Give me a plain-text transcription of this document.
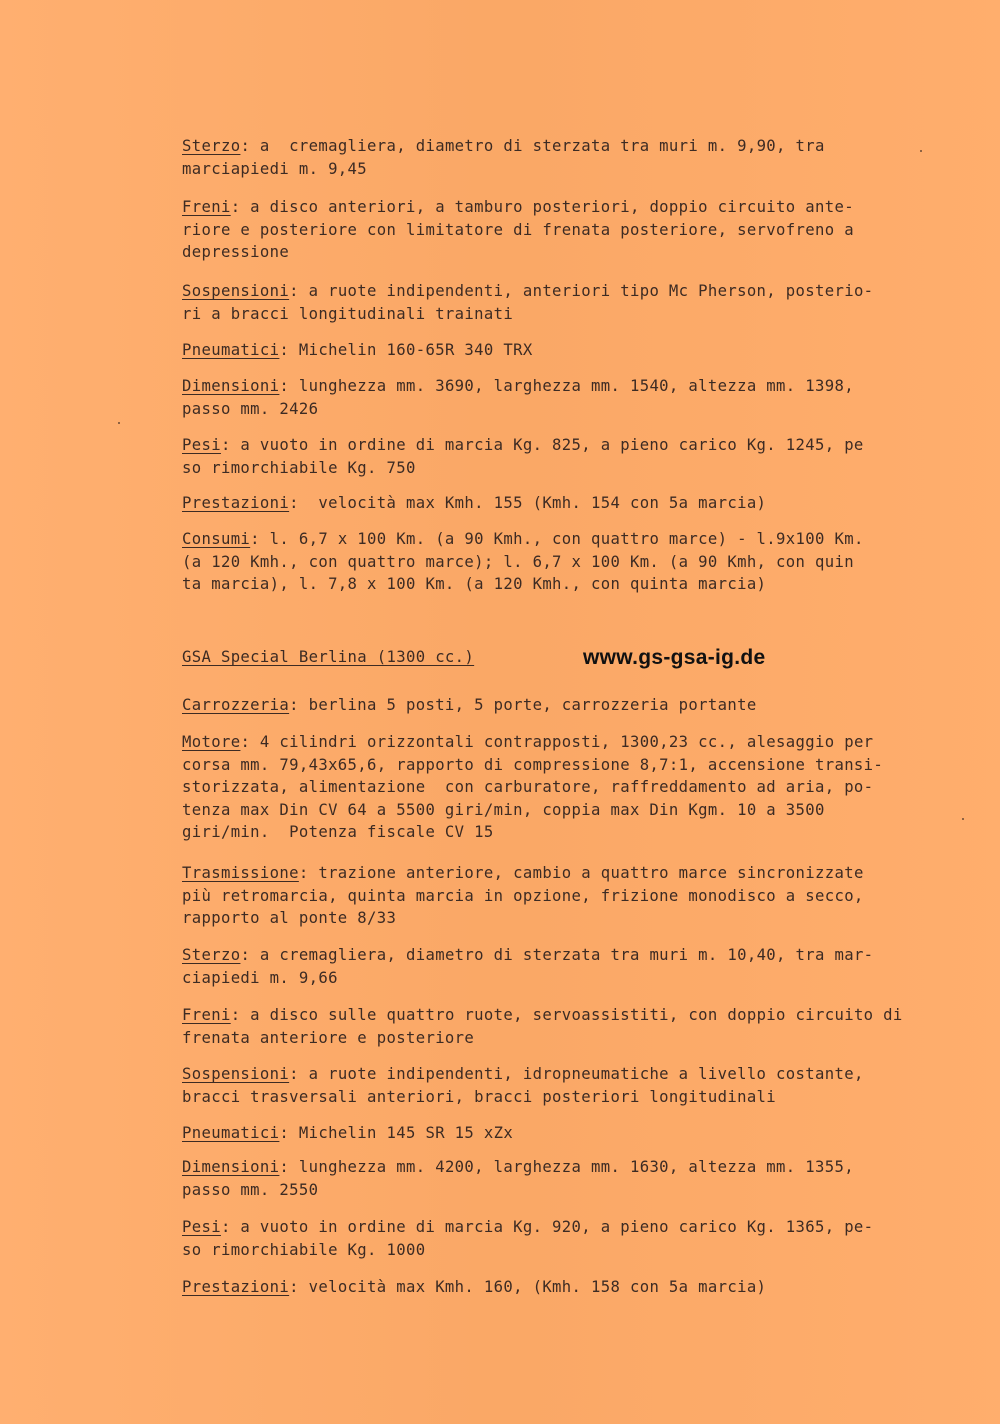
Sterzo: a  cremagliera, diametro di sterzata tra muri m. 9,90, tra
marciapiedi m. 9,45
Freni: a disco anteriori, a tamburo posteriori, doppio circuito ante-
riore e posteriore con limitatore di frenata posteriore, servofreno a
depressione
Sospensioni: a ruote indipendenti, anteriori tipo Mc Pherson, posterio-
ri a bracci longitudinali trainati
Pneumatici: Michelin 160-65R 340 TRX
Dimensioni: lunghezza mm. 3690, larghezza mm. 1540, altezza mm. 1398,
passo mm. 2426
Pesi: a vuoto in ordine di marcia Kg. 825, a pieno carico Kg. 1245, pe
so rimorchiabile Kg. 750
Prestazioni:  velocità max Kmh. 155 (Kmh. 154 con 5a marcia)
Consumi: l. 6,7 x 100 Km. (a 90 Kmh., con quattro marce) - l.9x100 Km.
(a 120 Kmh., con quattro marce); l. 6,7 x 100 Km. (a 90 Kmh, con quin
ta marcia), l. 7,8 x 100 Km. (a 120 Kmh., con quinta marcia)
GSA Special Berlina (1300 cc.)	www.gs-gsa-ig.de
Carrozzeria: berlina 5 posti, 5 porte, carrozzeria portante
Motore: 4 cilindri orizzontali contrapposti, 1300,23 cc., alesaggio per
corsa mm. 79,43x65,6, rapporto di compressione 8,7:1, accensione transi-
storizzata, alimentazione  con carburatore, raffreddamento ad aria, po-
tenza max Din CV 64 a 5500 giri/min, coppia max Din Kgm. 10 a 3500
giri/min.  Potenza fiscale CV 15
Trasmissione: trazione anteriore, cambio a quattro marce sincronizzate
più retromarcia, quinta marcia in opzione, frizione monodisco a secco,
rapporto al ponte 8/33
Sterzo: a cremagliera, diametro di sterzata tra muri m. 10,40, tra mar-
ciapiedi m. 9,66
Freni: a disco sulle quattro ruote, servoassistiti, con doppio circuito di
frenata anteriore e posteriore
Sospensioni: a ruote indipendenti, idropneumatiche a livello costante,
bracci trasversali anteriori, bracci posteriori longitudinali
Pneumatici: Michelin 145 SR 15 xZx
Dimensioni: lunghezza mm. 4200, larghezza mm. 1630, altezza mm. 1355,
passo mm. 2550
Pesi: a vuoto in ordine di marcia Kg. 920, a pieno carico Kg. 1365, pe-
so rimorchiabile Kg. 1000
Prestazioni: velocità max Kmh. 160, (Kmh. 158 con 5a marcia)
